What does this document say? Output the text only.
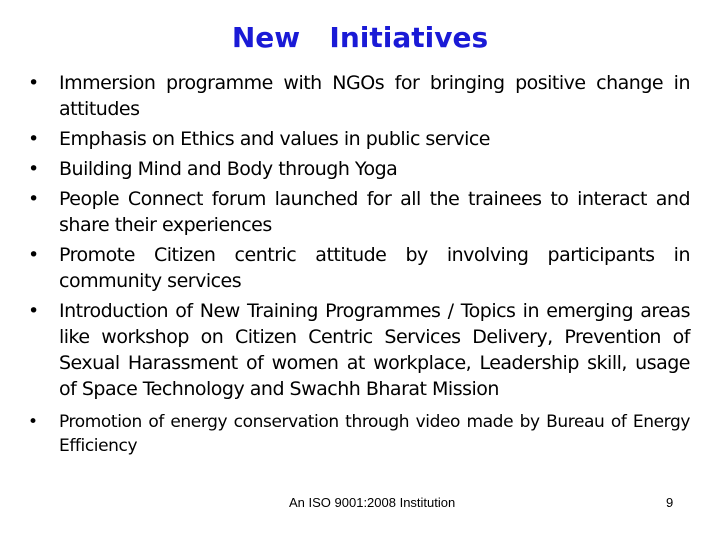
New   Initiatives
•	Immersion programme with NGOs for bringing positive change in attitudes
•	Emphasis on Ethics and values in public service
•	Building Mind and Body through Yoga
•	People Connect forum launched for all the trainees to interact and share their experiences
•	Promote Citizen centric attitude by involving participants in community services
•	Introduction of New Training Programmes / Topics in emerging areas like workshop on Citizen Centric Services Delivery, Prevention of Sexual Harassment of women at workplace, Leadership skill, usage of Space Technology and Swachh Bharat Mission
•	Promotion of energy conservation through video made by Bureau of Energy Efficiency
An ISO 9001:2008 Institution	9
